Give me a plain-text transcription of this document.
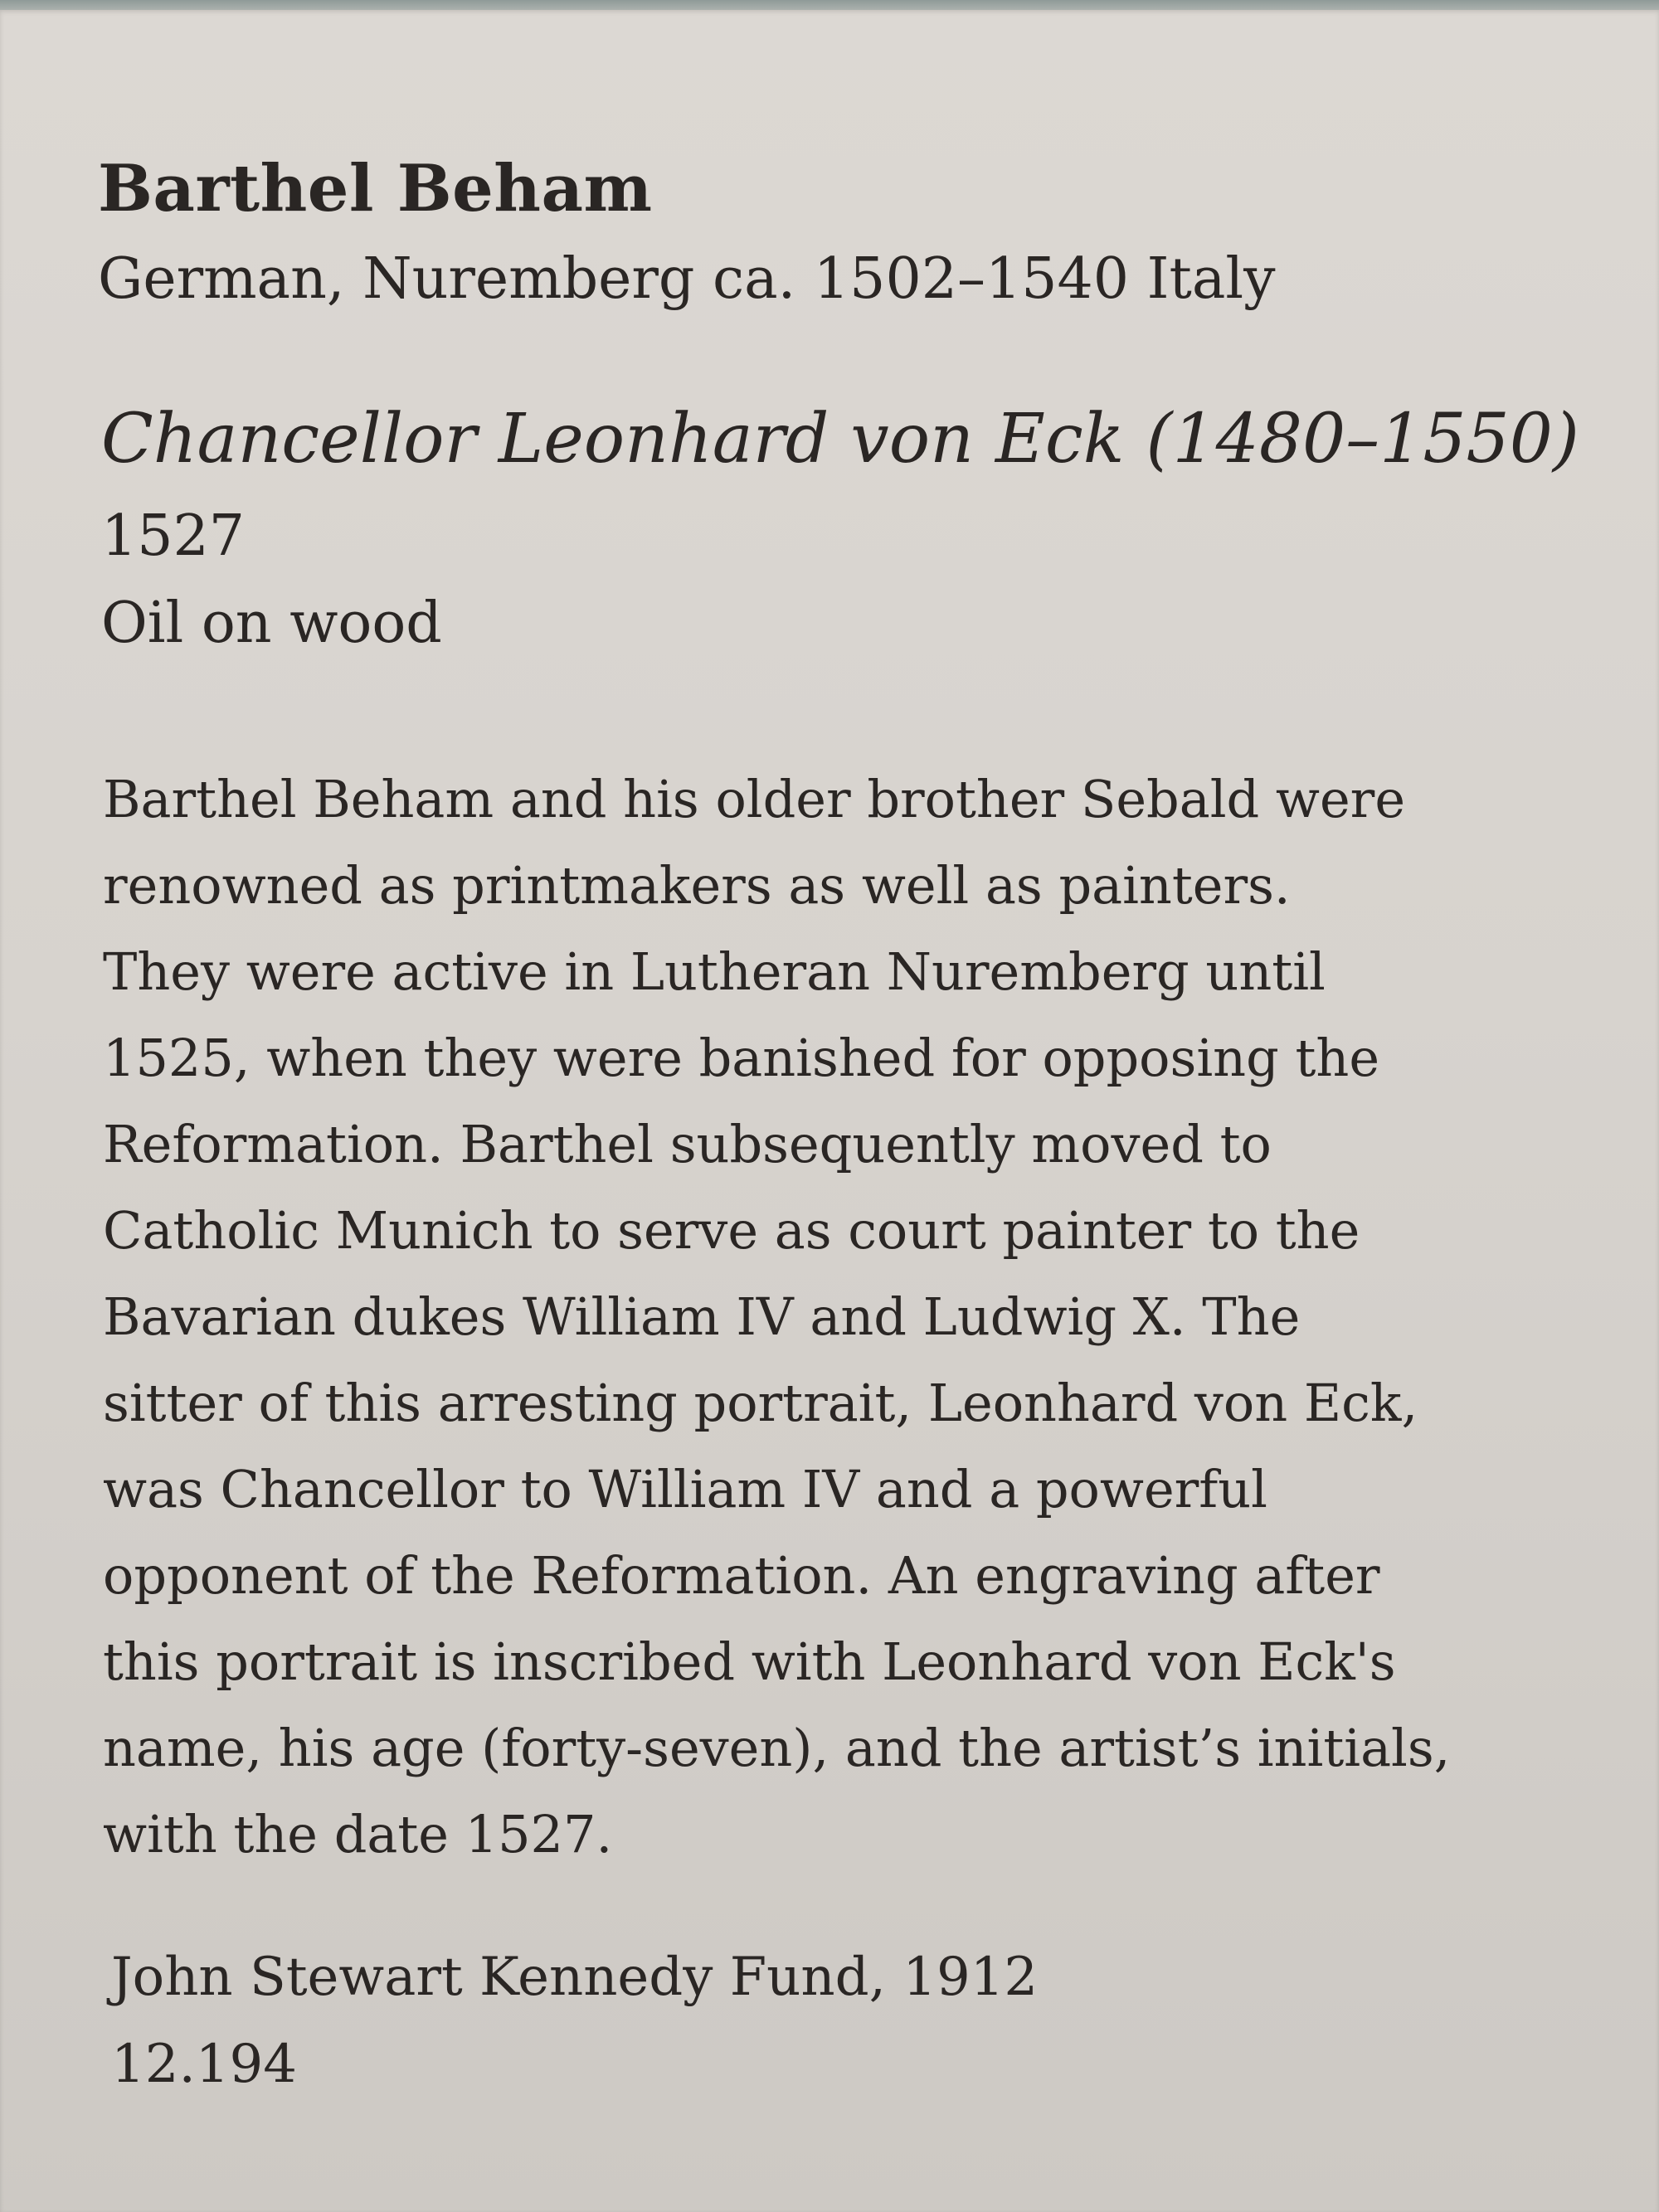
Barthel Beham
German, Nuremberg ca. 1502–1540 Italy
Chancellor Leonhard von Eck (1480–1550)
1527
Oil on wood
Barthel Beham and his older brother Sebald were
renowned as printmakers as well as painters.
They were active in Lutheran Nuremberg until
1525, when they were banished for opposing the
Reformation. Barthel subsequently moved to
Catholic Munich to serve as court painter to the
Bavarian dukes William IV and Ludwig X. The
sitter of this arresting portrait, Leonhard von Eck,
was Chancellor to William IV and a powerful
opponent of the Reformation. An engraving after
this portrait is inscribed with Leonhard von Eck's
name, his age (forty-seven), and the artist’s initials,
with the date 1527.
John Stewart Kennedy Fund, 1912
12.194
